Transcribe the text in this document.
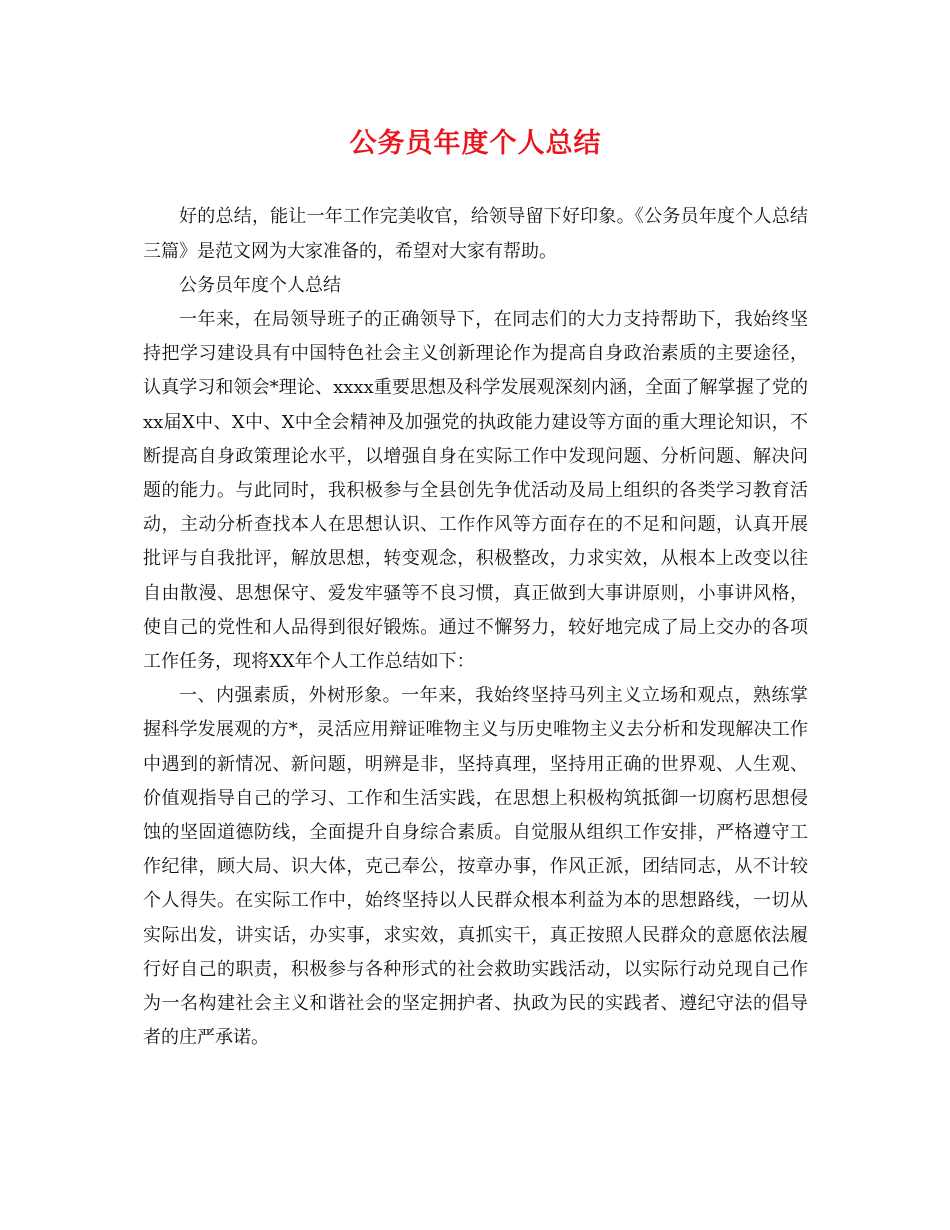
公务员年度个人总结

好的总结，能让一年工作完美收官，给领导留下好印象。《公务员年度个人总结三篇》是范文网为大家准备的，希望对大家有帮助。

公务员年度个人总结

一年来，在局领导班子的正确领导下，在同志们的大力支持帮助下，我始终坚持把学习建设具有中国特色社会主义创新理论作为提高自身政治素质的主要途径，认真学习和领会*理论、xxxx重要思想及科学发展观深刻内涵，全面了解掌握了党的xx届X中、X中、X中全会精神及加强党的执政能力建设等方面的重大理论知识，不断提高自身政策理论水平，以增强自身在实际工作中发现问题、分析问题、解决问题的能力。与此同时，我积极参与全县创先争优活动及局上组织的各类学习教育活动，主动分析查找本人在思想认识、工作作风等方面存在的不足和问题，认真开展批评与自我批评，解放思想，转变观念，积极整改，力求实效，从根本上改变以往自由散漫、思想保守、爱发牢骚等不良习惯，真正做到大事讲原则，小事讲风格，使自己的党性和人品得到很好锻炼。通过不懈努力，较好地完成了局上交办的各项工作任务，现将XX年个人工作总结如下：

一、内强素质，外树形象。一年来，我始终坚持马列主义立场和观点，熟练掌握科学发展观的方*，灵活应用辩证唯物主义与历史唯物主义去分析和发现解决工作中遇到的新情况、新问题，明辨是非，坚持真理，坚持用正确的世界观、人生观、价值观指导自己的学习、工作和生活实践，在思想上积极构筑抵御一切腐朽思想侵蚀的坚固道德防线，全面提升自身综合素质。自觉服从组织工作安排，严格遵守工作纪律，顾大局、识大体，克己奉公，按章办事，作风正派，团结同志，从不计较个人得失。在实际工作中，始终坚持以人民群众根本利益为本的思想路线，一切从实际出发，讲实话，办实事，求实效，真抓实干，真正按照人民群众的意愿依法履行好自己的职责，积极参与各种形式的社会救助实践活动，以实际行动兑现自己作为一名构建社会主义和谐社会的坚定拥护者、执政为民的实践者、遵纪守法的倡导者的庄严承诺。
